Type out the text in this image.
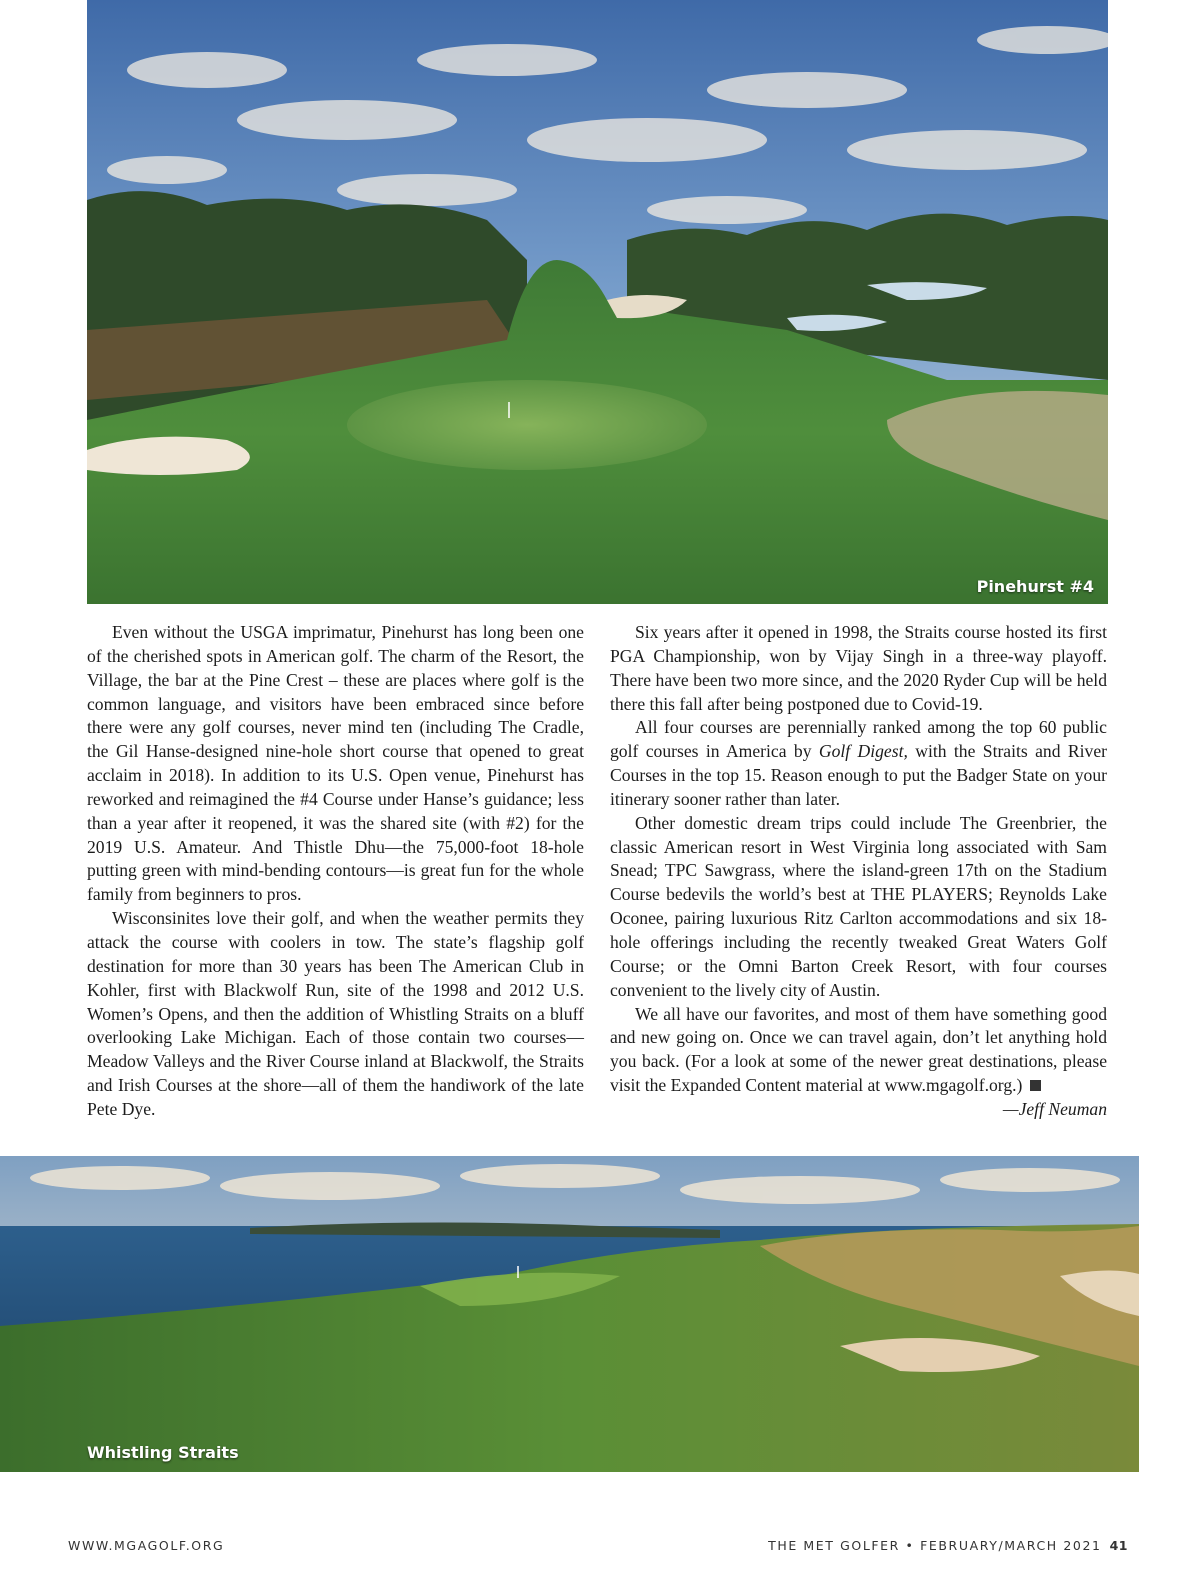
Pinehurst #4

Even without the USGA imprimatur, Pinehurst has long been one of the cherished spots in American golf. The charm of the Resort, the Village, the bar at the Pine Crest – these are places where golf is the common language, and visitors have been embraced since before there were any golf courses, never mind ten (including The Cradle, the Gil Hanse-designed nine-hole short course that opened to great acclaim in 2018). In addition to its U.S. Open venue, Pinehurst has reworked and reimagined the #4 Course under Hanse’s guidance; less than a year after it reopened, it was the shared site (with #2) for the 2019 U.S. Amateur. And Thistle Dhu—the 75,000-foot 18-hole putting green with mind-bending contours—is great fun for the whole family from beginners to pros.

Wisconsinites love their golf, and when the weather permits they attack the course with coolers in tow. The state’s flagship golf destination for more than 30 years has been The American Club in Kohler, first with Blackwolf Run, site of the 1998 and 2012 U.S. Women’s Opens, and then the addition of Whistling Straits on a bluff overlooking Lake Michigan. Each of those contain two courses—Meadow Valleys and the River Course inland at Blackwolf, the Straits and Irish Courses at the shore—all of them the handiwork of the late Pete Dye.

Six years after it opened in 1998, the Straits course hosted its first PGA Championship, won by Vijay Singh in a three-way playoff. There have been two more since, and the 2020 Ryder Cup will be held there this fall after being postponed due to Covid-19.

All four courses are perennially ranked among the top 60 public golf courses in America by Golf Digest, with the Straits and River Courses in the top 15. Reason enough to put the Badger State on your itinerary sooner rather than later.

Other domestic dream trips could include The Greenbrier, the classic American resort in West Virginia long associated with Sam Snead; TPC Sawgrass, where the island-green 17th on the Stadium Course bedevils the world’s best at THE PLAYERS; Reynolds Lake Oconee, pairing luxurious Ritz Carlton accommodations and six 18-hole offerings including the recently tweaked Great Waters Golf Course; or the Omni Barton Creek Resort, with four courses convenient to the lively city of Austin.

We all have our favorites, and most of them have something good and new going on. Once we can travel again, don’t let anything hold you back. (For a look at some of the newer great destinations, please visit the Expanded Content material at www.mgagolf.org.)

—Jeff Neuman

Whistling Straits
WWW.MGAGOLF.ORG	THE MET GOLFER • FEBRUARY/MARCH 2021 41
